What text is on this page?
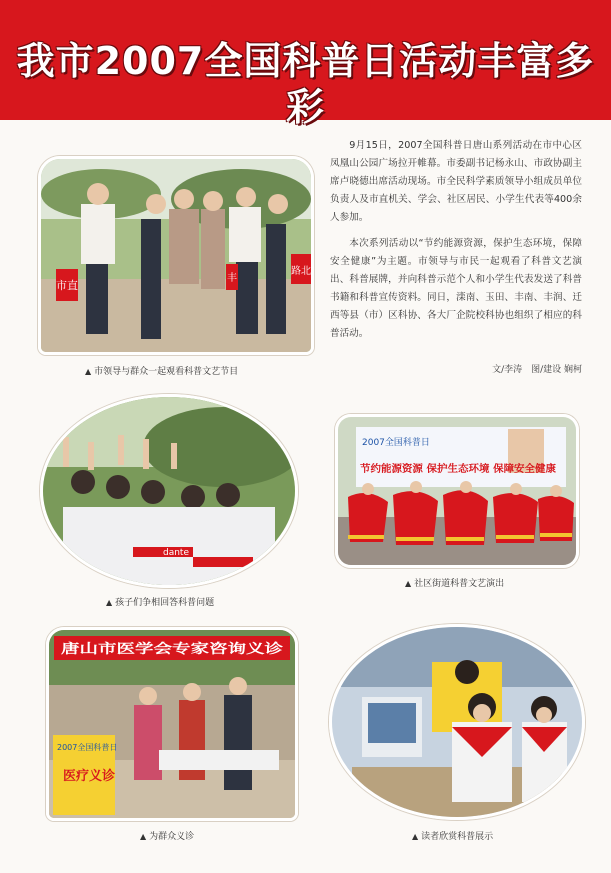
我市2007全国科普日活动丰富多彩
市直
丰
路北
▲ 市领导与群众一起观看科普文艺节目

9月15日，2007全国科普日唐山系列活动在市中心区凤凰山公园广场拉开帷幕。市委副书记杨永山、市政协副主席卢晓德出席活动现场。市全民科学素质领导小组成员单位负责人及市直机关、学会、社区居民、小学生代表等400余人参加。

本次系列活动以“节约能源资源，保护生态环境，保障安全健康”为主题。市领导与市民一起观看了科普文艺演出、科普展牌，并向科普示范个人和小学生代表发送了科普书籍和科普宣传资料。同日，滦南、玉田、丰南、丰润、迁西等县（市）区科协、各大厂企院校科协也组织了相应的科普活动。

文/李涛　图/建设 娴柯
dante
▲ 孩子们争相回答科普问题
2007全国科普日
节约能源资源 保护生态环境 保障安全健康
▲ 社区街道科普文艺演出
唐山市医学会专家咨询义诊
2007全国科普日
医疗义诊
▲ 为群众义诊	▲ 读者欣赏科普展示
